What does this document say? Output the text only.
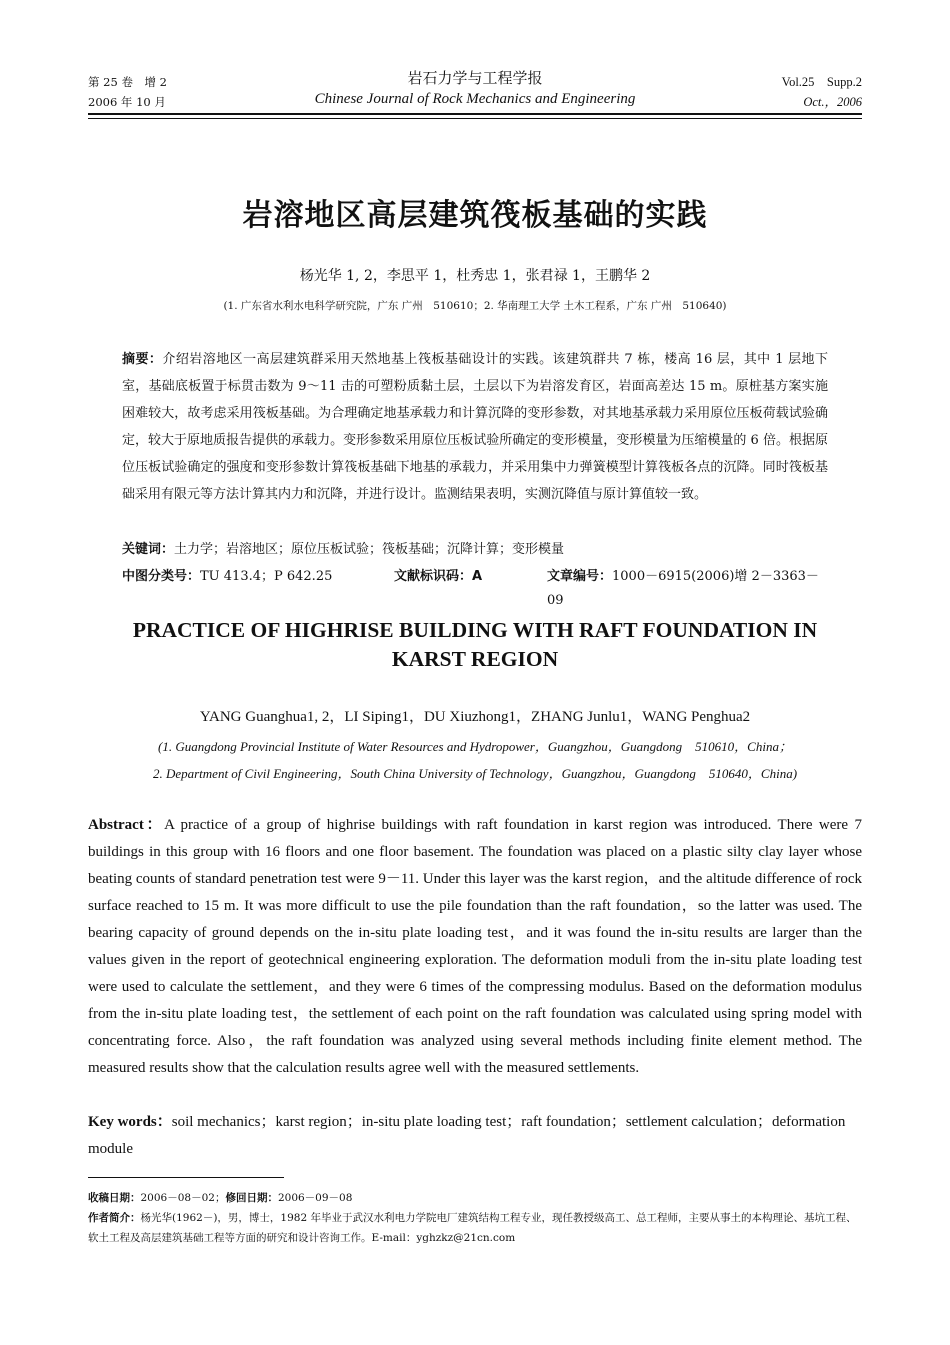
第 25 卷　增 2
2006 年 10 月
岩石力学与工程学报
Chinese Journal of Rock Mechanics and Engineering
Vol.25　Supp.2
Oct.，2006
岩溶地区高层建筑筏板基础的实践
杨光华 1, 2，李思平 1，杜秀忠 1，张君禄 1，王鹏华 2
(1. 广东省水利水电科学研究院，广东 广州　510610；2. 华南理工大学 土木工程系，广东 广州　510640)
摘要：介绍岩溶地区一高层建筑群采用天然地基上筏板基础设计的实践。该建筑群共 7 栋，楼高 16 层，其中 1 层地下室，基础底板置于标贯击数为 9～11 击的可塑粉质黏土层，土层以下为岩溶发育区，岩面高差达 15 m。原桩基方案实施困难较大，故考虑采用筏板基础。为合理确定地基承载力和计算沉降的变形参数，对其地基承载力采用原位压板荷载试验确定，较大于原地质报告提供的承载力。变形参数采用原位压板试验所确定的变形模量，变形模量为压缩模量的 6 倍。根据原位压板试验确定的强度和变形参数计算筏板基础下地基的承载力，并采用集中力弹簧模型计算筏板各点的沉降。同时筏板基础采用有限元等方法计算其内力和沉降，并进行设计。监测结果表明，实测沉降值与原计算值较一致。
关键词：土力学；岩溶地区；原位压板试验；筏板基础；沉降计算；变形模量
中图分类号：TU 413.4；P 642.25	文献标识码：A	文章编号：1000－6915(2006)增 2－3363－09
PRACTICE OF HIGHRISE BUILDING WITH RAFT FOUNDATION IN KARST REGION
YANG Guanghua1, 2，LI Siping1，DU Xiuzhong1，ZHANG Junlu1，WANG Penghua2
(1. Guangdong Provincial Institute of Water Resources and Hydropower，Guangzhou，Guangdong　510610，China；
2. Department of Civil Engineering，South China University of Technology，Guangzhou，Guangdong　510640，China)
Abstract：A practice of a group of highrise buildings with raft foundation in karst region was introduced. There were 7 buildings in this group with 16 floors and one floor basement. The foundation was placed on a plastic silty clay layer whose beating counts of standard penetration test were 9－11. Under this layer was the karst region，and the altitude difference of rock surface reached to 15 m. It was more difficult to use the pile foundation than the raft foundation，so the latter was used. The bearing capacity of ground depends on the in-situ plate loading test，and it was found the in-situ results are larger than the values given in the report of geotechnical engineering exploration. The deformation moduli from the in-situ plate loading test were used to calculate the settlement，and they were 6 times of the compressing modulus. Based on the deformation modulus from the in-situ plate loading test，the settlement of each point on the raft foundation was calculated using spring model with concentrating force. Also，the raft foundation was analyzed using several methods including finite element method. The measured results show that the calculation results agree well with the measured settlements.
Key words：soil mechanics；karst region；in-situ plate loading test；raft foundation；settlement calculation；deformation module
收稿日期：2006－08－02；修回日期：2006－09－08
作者简介：杨光华(1962－)，男，博士，1982 年毕业于武汉水利电力学院电厂建筑结构工程专业，现任教授级高工、总工程师，主要从事土的本构理论、基坑工程、软土工程及高层建筑基础工程等方面的研究和设计咨询工作。E-mail：yghzkz@21cn.com
